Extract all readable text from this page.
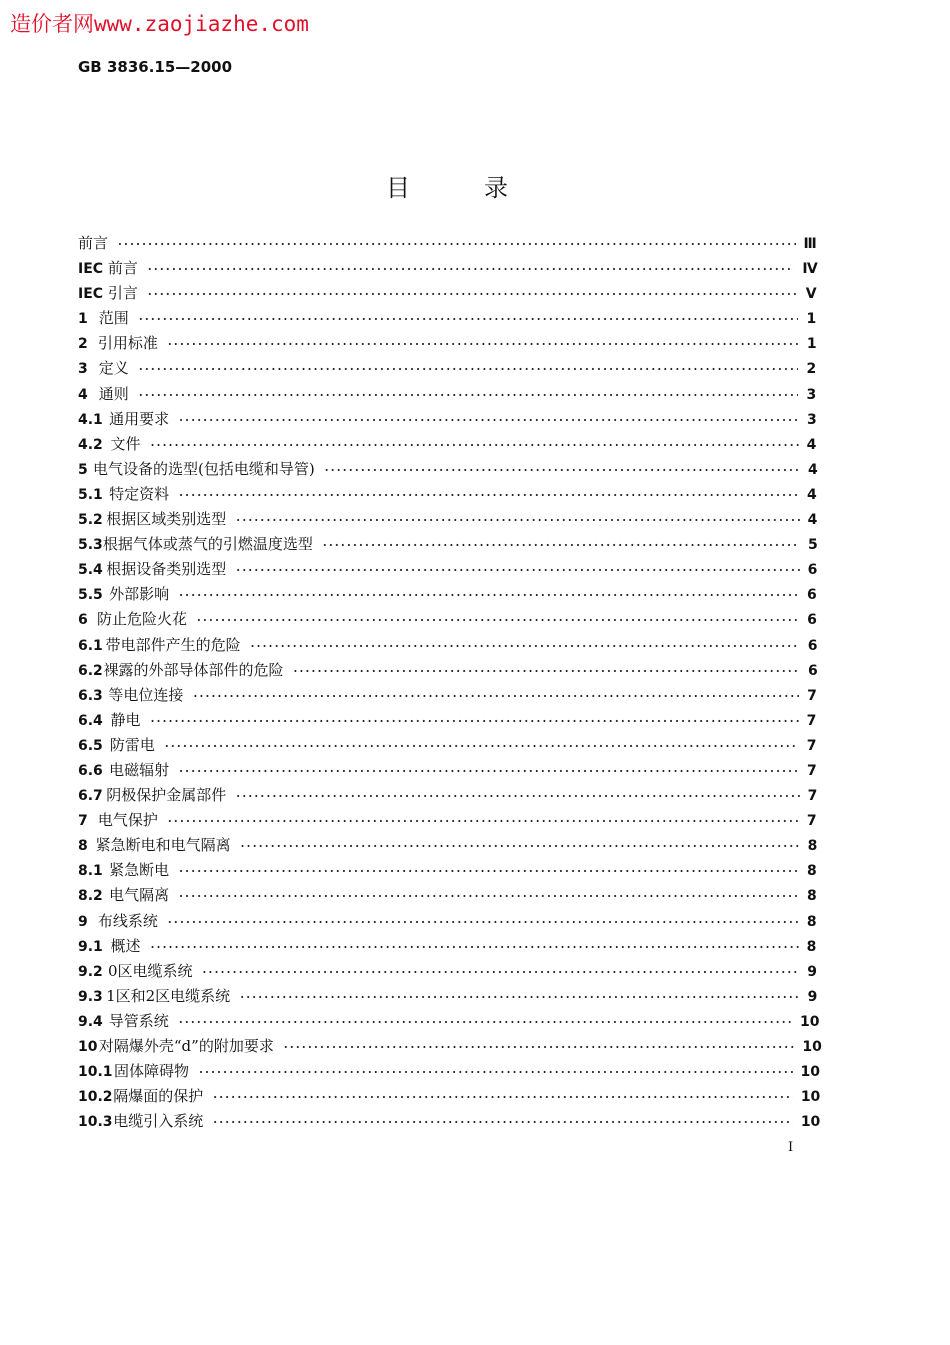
造价者网www.zaojiazhe.com
GB 3836.15—2000
目	录
前言 ·····	Ⅲ
IEC 前言 ·····	Ⅳ
IEC 引言 ·····	V
1 范围 ·····	1
2 引用标准 ·····	1
3 定义 ·····	2
4 通则 ·····	3
4.1 通用要求 ·····	3
4.2 文件 ·····	4
5 电气设备的选型(包括电缆和导管) ·····	4
5.1 特定资料 ·····	4
5.2 根据区域类别选型 ·····	4
5.3 根据气体或蒸气的引燃温度选型 ·····	5
5.4 根据设备类别选型 ·····	6
5.5 外部影响 ·····	6
6 防止危险火花 ·····	6
6.1 带电部件产生的危险 ·····	6
6.2 裸露的外部导体部件的危险 ·····	6
6.3 等电位连接 ·····	7
6.4 静电 ·····	7
6.5 防雷电 ·····	7
6.6 电磁辐射 ·····	7
6.7 阴极保护金属部件 ·····	7
7 电气保护 ·····	7
8 紧急断电和电气隔离 ·····	8
8.1 紧急断电 ·····	8
8.2 电气隔离 ·····	8
9 布线系统 ·····	8
9.1 概述 ·····	8
9.2 0区电缆系统 ·····	9
9.3 1区和2区电缆系统 ·····	9
9.4 导管系统 ·····	10
10 对隔爆外壳“d”的附加要求 ·····	10
10.1 固体障碍物 ·····	10
10.2 隔爆面的保护 ·····	10
10.3 电缆引入系统 ·····	10
I
